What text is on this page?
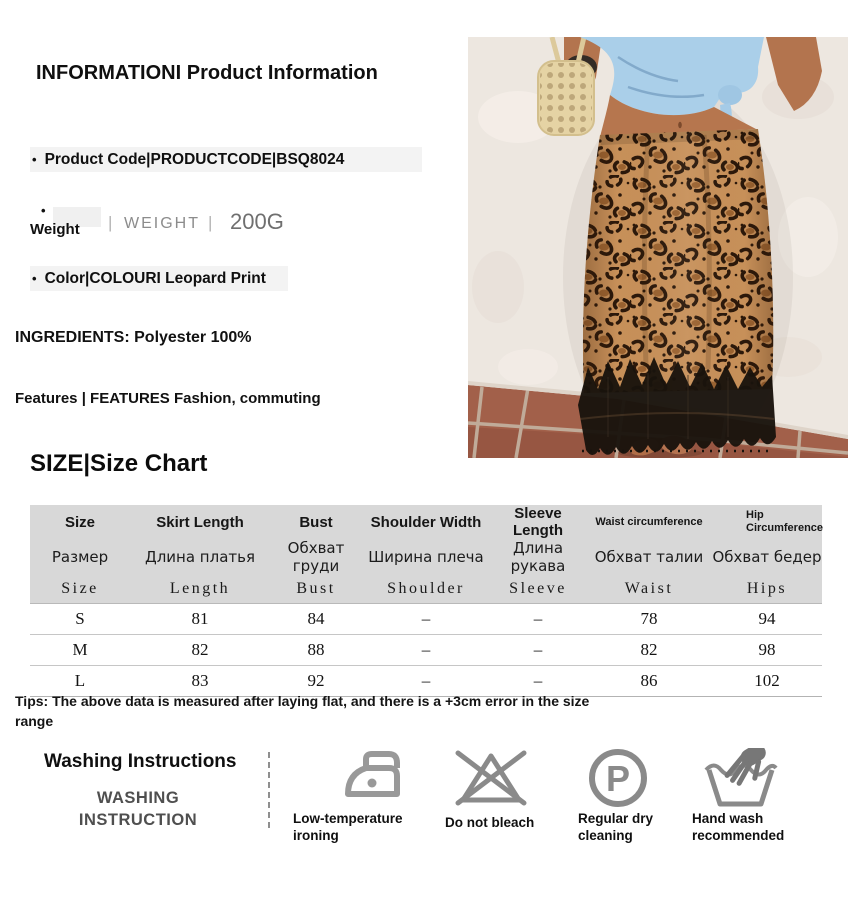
INFORMATIONI Product Information
• Product Code|PRODUCTCODE|BSQ8024
•
Weight | WEIGHT | 200G
• Color|COLOURI Leopard Print
INGREDIENTS: Polyester 100%
Features | FEATURES Fashion, commuting
SIZE|Size Chart
Size	Skirt Length	Bust	Shoulder Width	Sleeve Length	Waist circumference	Hip Circumference
Размер	Длина платья	Обхват груди	Ширина плеча	Длина рукава	Обхват талии	Обхват бедер
Size	Length	Bust	Shoulder	Sleeve	Waist	Hips
S	81	84	–	–	78	94
M	82	88	–	–	82	98
L	83	92	–	–	86	102
Tips: The above data is measured after laying flat, and there is a +3cm error in the size range
Washing Instructions
WASHING
INSTRUCTION	Low-temperature ironing
Do not bleach
P
Regular dry cleaning
Hand wash recommended
